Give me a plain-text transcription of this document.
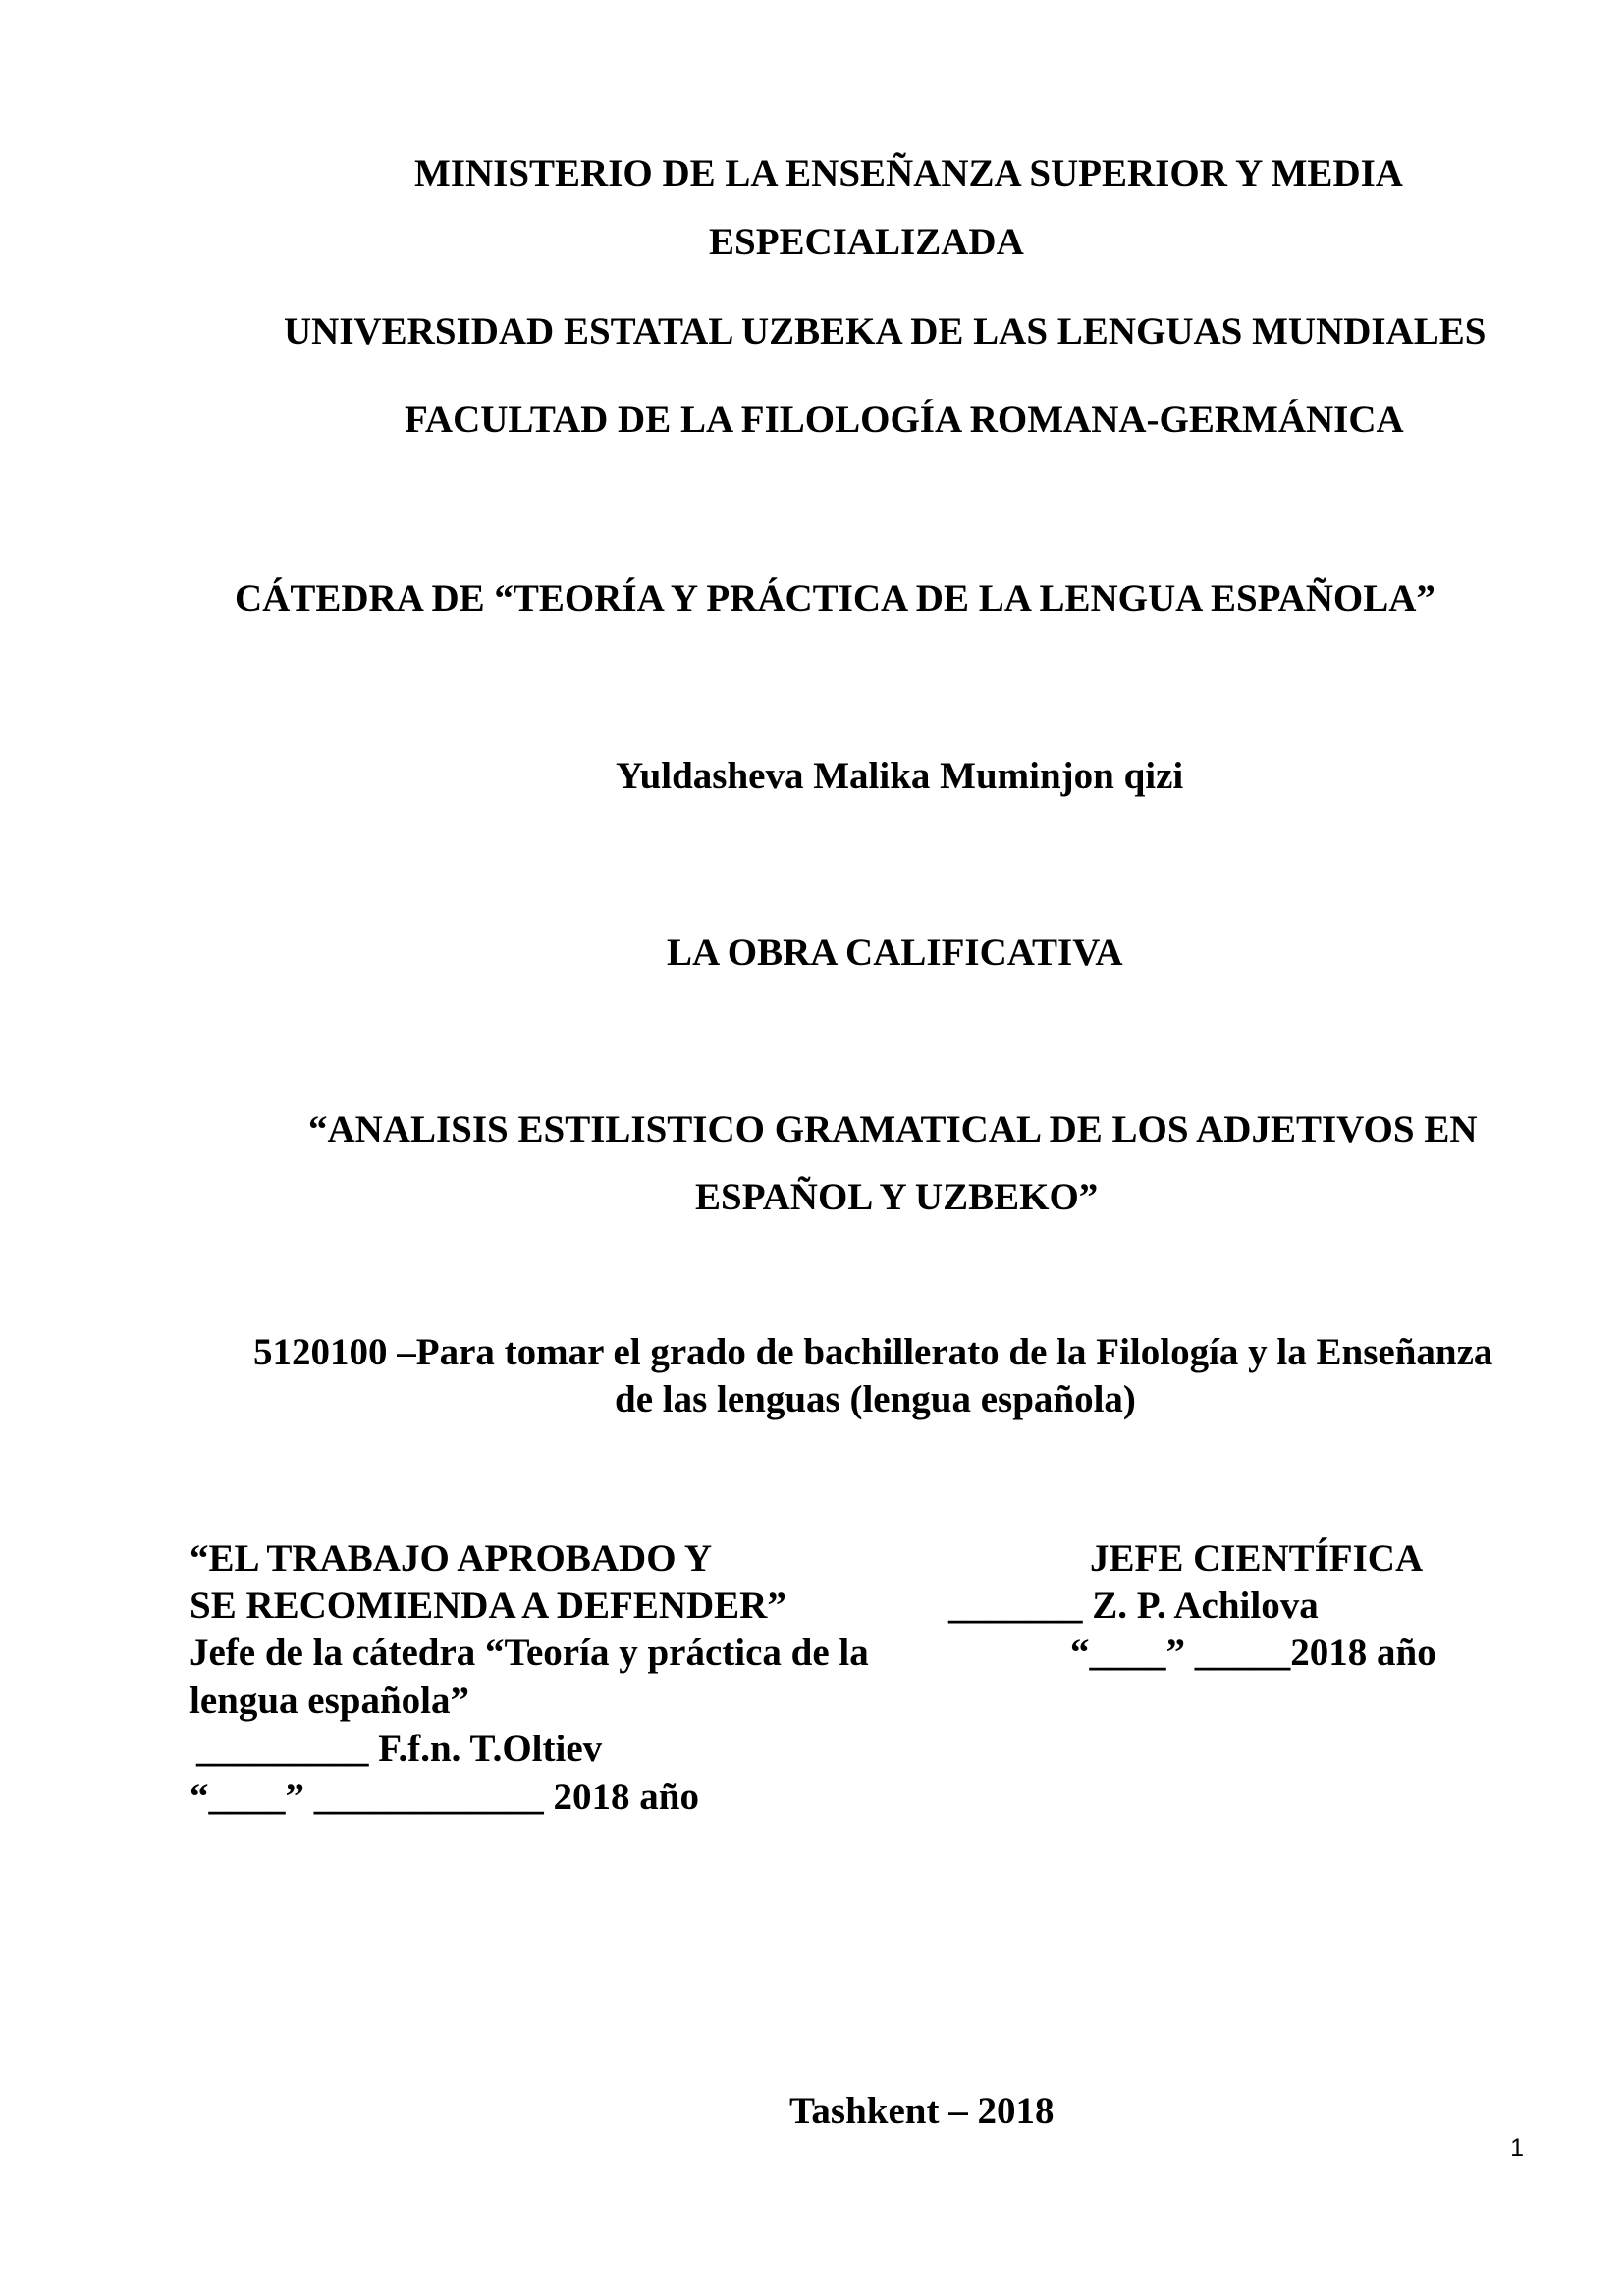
MINISTERIO DE LA ENSEÑANZA SUPERIOR Y MEDIA

ESPECIALIZADA

UNIVERSIDAD ESTATAL UZBEKA DE LAS LENGUAS MUNDIALES

FACULTAD DE LA FILOLOGÍA ROMANA-GERMÁNICA

CÁTEDRA DE “TEORÍA Y PRÁCTICA DE LA LENGUA ESPAÑOLA”

Yuldasheva Malika Muminjon qizi

LA OBRA CALIFICATIVA

“ANALISIS ESTILISTICO GRAMATICAL DE LOS ADJETIVOS EN

ESPAÑOL Y UZBEKO”

5120100 –Para tomar el grado de bachillerato de la Filología y la Enseñanza

de las lenguas (lengua española)

“EL TRABAJO APROBADO Y

SE RECOMIENDA A DEFENDER”

Jefe de la cátedra “Teoría y práctica de la

lengua española”

_________ F.f.n. T.Oltiev

“____” ____________ 2018 año

JEFE CIENTÍFICA

_______ Z. P. Achilova

“____” _____2018 año

Tashkent – 2018

1
